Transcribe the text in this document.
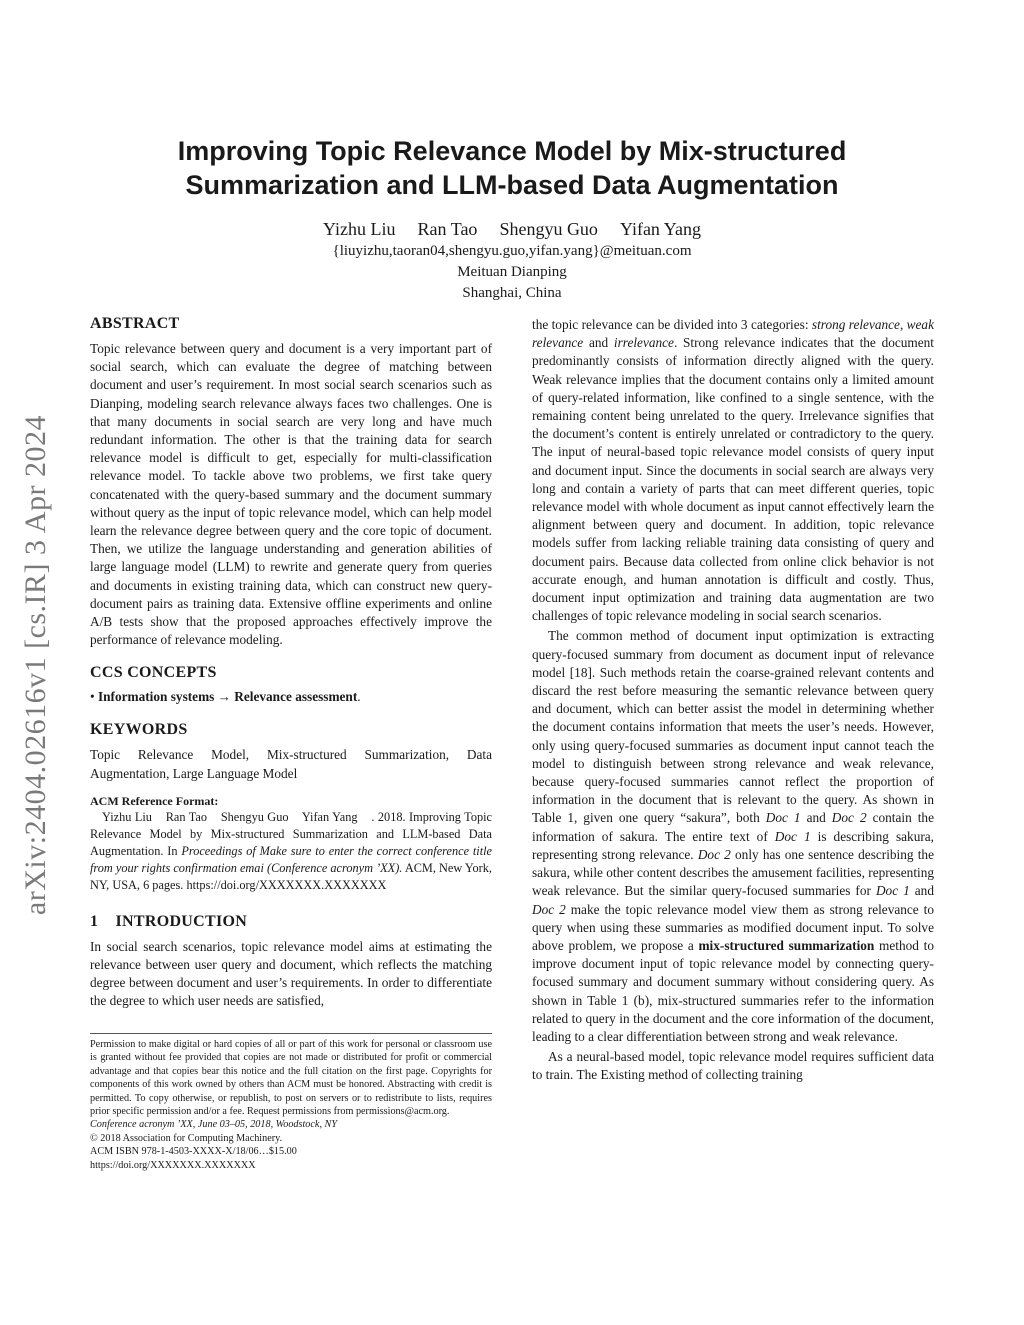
arXiv:2404.02616v1 [cs.IR] 3 Apr 2024
Improving Topic Relevance Model by Mix-structured
Summarization and LLM-based Data Augmentation
Yizhu Liu Ran Tao Shengyu Guo Yifan Yang
{liuyizhu,taoran04,shengyu.guo,yifan.yang}@meituan.com
Meituan Dianping
Shanghai, China
ABSTRACT

Topic relevance between query and document is a very important part of social search, which can evaluate the degree of matching between document and user’s requirement. In most social search scenarios such as Dianping, modeling search relevance always faces two challenges. One is that many documents in social search are very long and have much redundant information. The other is that the training data for search relevance model is difficult to get, especially for multi-classification relevance model. To tackle above two problems, we first take query concatenated with the query-based summary and the document summary without query as the input of topic relevance model, which can help model learn the relevance degree between query and the core topic of document. Then, we utilize the language understanding and generation abilities of large language model (LLM) to rewrite and generate query from queries and documents in existing training data, which can construct new query-document pairs as training data. Extensive offline experiments and online A/B tests show that the proposed approaches effectively improve the performance of relevance modeling.

CCS CONCEPTS
• Information systems → Relevance assessment.
KEYWORDS

Topic Relevance Model, Mix-structured Summarization, Data Augmentation, Large Language Model

ACM Reference Format:
Yizhu Liu    Ran Tao    Shengyu Guo    Yifan Yang    . 2018. Improving Topic Relevance Model by Mix-structured Summarization and LLM-based Data Augmentation. In Proceedings of Make sure to enter the correct conference title from your rights confirmation emai (Conference acronym ’XX). ACM, New York, NY, USA, 6 pages. https://doi.org/XXXXXXX.XXXXXXX
1    INTRODUCTION

In social search scenarios, topic relevance model aims at estimating the relevance between user query and document, which reflects the matching degree between document and user’s requirements. In order to differentiate the degree to which user needs are satisfied,

Permission to make digital or hard copies of all or part of this work for personal or classroom use is granted without fee provided that copies are not made or distributed for profit or commercial advantage and that copies bear this notice and the full citation on the first page. Copyrights for components of this work owned by others than ACM must be honored. Abstracting with credit is permitted. To copy otherwise, or republish, to post on servers or to redistribute to lists, requires prior specific permission and/or a fee. Request permissions from permissions@acm.org.

Conference acronym ’XX, June 03–05, 2018, Woodstock, NY

© 2018 Association for Computing Machinery.

ACM ISBN 978-1-4503-XXXX-X/18/06…$15.00

https://doi.org/XXXXXXX.XXXXXXX

the topic relevance can be divided into 3 categories: strong relevance, weak relevance and irrelevance. Strong relevance indicates that the document predominantly consists of information directly aligned with the query. Weak relevance implies that the document contains only a limited amount of query-related information, like confined to a single sentence, with the remaining content being unrelated to the query. Irrelevance signifies that the document’s content is entirely unrelated or contradictory to the query. The input of neural-based topic relevance model consists of query input and document input. Since the documents in social search are always very long and contain a variety of parts that can meet different queries, topic relevance model with whole document as input cannot effectively learn the alignment between query and document. In addition, topic relevance models suffer from lacking reliable training data consisting of query and document pairs. Because data collected from online click behavior is not accurate enough, and human annotation is difficult and costly. Thus, document input optimization and training data augmentation are two challenges of topic relevance modeling in social search scenarios.

The common method of document input optimization is extracting query-focused summary from document as document input of relevance model [18]. Such methods retain the coarse-grained relevant contents and discard the rest before measuring the semantic relevance between query and document, which can better assist the model in determining whether the document contains information that meets the user’s needs. However, only using query-focused summaries as document input cannot teach the model to distinguish between strong relevance and weak relevance, because query-focused summaries cannot reflect the proportion of information in the document that is relevant to the query. As shown in Table 1, given one query “sakura”, both Doc 1 and Doc 2 contain the information of sakura. The entire text of Doc 1 is describing sakura, representing strong relevance. Doc 2 only has one sentence describing the sakura, while other content describes the amusement facilities, representing weak relevance. But the similar query-focused summaries for Doc 1 and Doc 2 make the topic relevance model view them as strong relevance to query when using these summaries as modified document input. To solve above problem, we propose a mix-structured summarization method to improve document input of topic relevance model by connecting query-focused summary and document summary without considering query. As shown in Table 1 (b), mix-structured summaries refer to the information related to query in the document and the core information of the document, leading to a clear differentiation between strong and weak relevance.

As a neural-based model, topic relevance model requires sufficient data to train. The Existing method of collecting training
